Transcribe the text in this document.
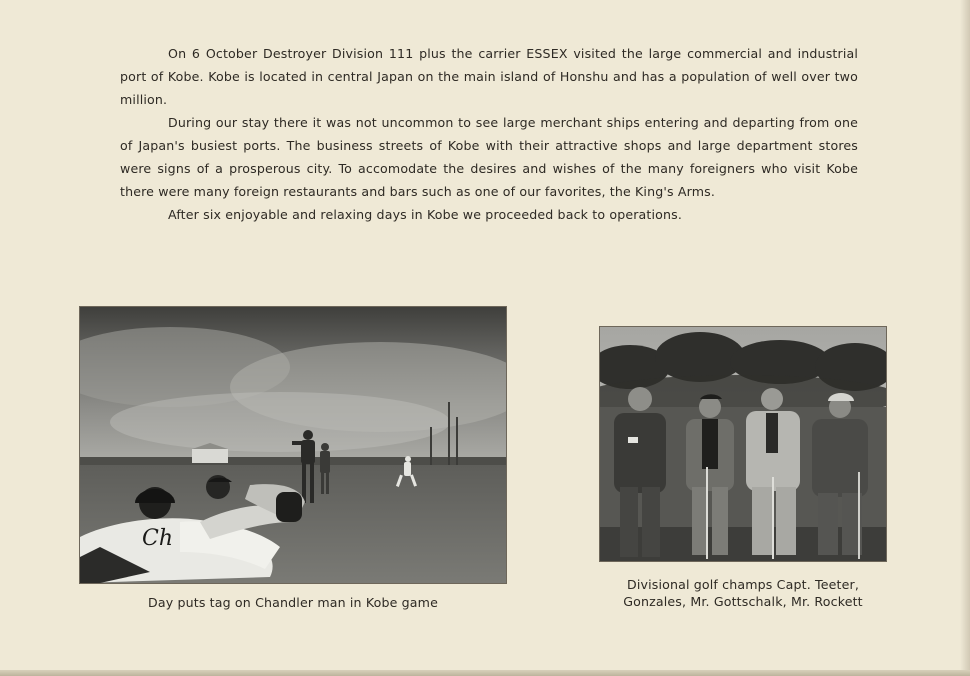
On 6 October Destroyer Division 111 plus the carrier ESSEX visited the large commercial and industrial port of Kobe. Kobe is located in central Japan on the main island of Honshu and has a population of well over two million.

During our stay there it was not uncommon to see large merchant ships entering and departing from one of Japan's busiest ports. The business streets of Kobe with their attractive shops and large department stores were signs of a prosperous city. To accomodate the desires and wishes of the many foreigners who visit Kobe there were many foreign restaurants and bars such as one of our favorites, the King's Arms.

After six enjoyable and relaxing days in Kobe we proceeded back to operations.

Ch
Day puts tag on Chandler man in Kobe game
Divisional golf champs Capt. Teeter,
Gonzales, Mr. Gottschalk, Mr. Rockett
